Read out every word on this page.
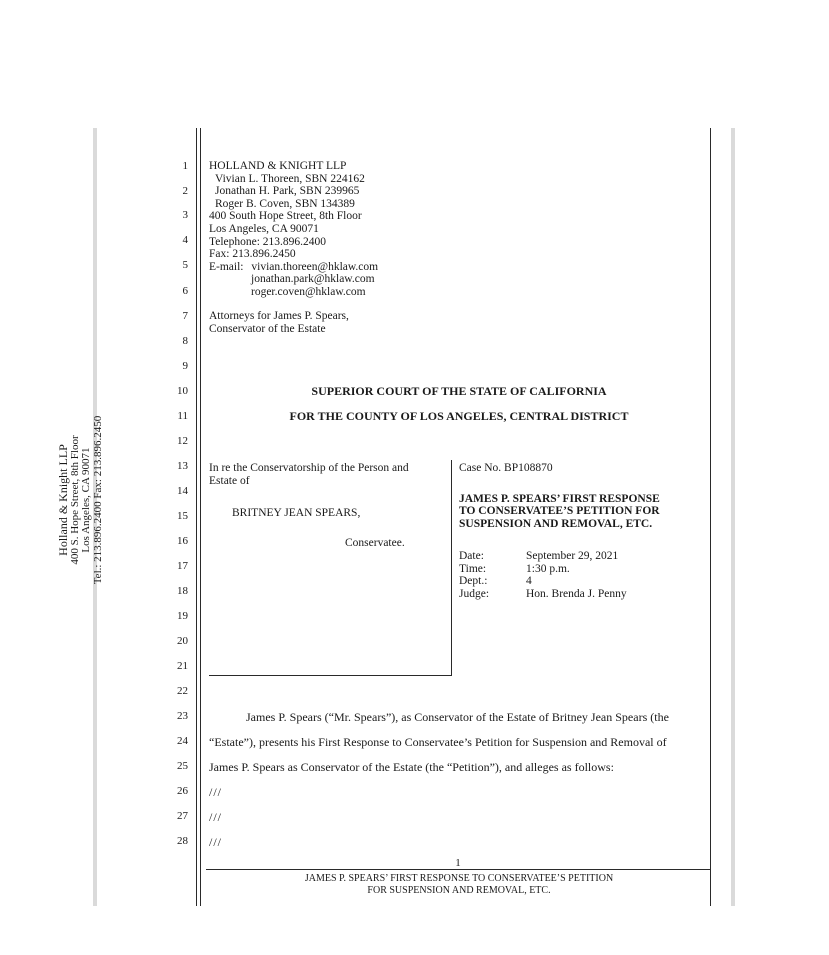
Holland & Knight LLP
400 S. Hope Street, 8th Floor Los Angeles, CA 90071 Tel.: 213.896.2400 Fax: 213.896.2450
1
2
3
4
5
6
7
8
9
10
11
12
13
14
15
16
17
18
19
20
21
22
23
24
25
26
27
28
HOLLAND & KNIGHT LLP
Vivian L. Thoreen, SBN 224162
Jonathan H. Park, SBN 239965
Roger B. Coven, SBN 134389
400 South Hope Street, 8th Floor
Los Angeles, CA 90071
Telephone: 213.896.2400
Fax: 213.896.2450
E-mail: vivian.thoreen@hklaw.com
jonathan.park@hklaw.com
roger.coven@hklaw.com
Attorneys for James P. Spears,
Conservator of the Estate
SUPERIOR COURT OF THE STATE OF CALIFORNIA
FOR THE COUNTY OF LOS ANGELES, CENTRAL DISTRICT
In re the Conservatorship of the Person and
Estate of
BRITNEY JEAN SPEARS,
Conservatee.
Case No. BP108870
JAMES P. SPEARS’ FIRST RESPONSE
TO CONSERVATEE’S PETITION FOR
SUSPENSION AND REMOVAL, ETC.
Date:	September 29, 2021
Time:	1:30 p.m.
Dept.:	4
Judge:	Hon. Brenda J. Penny
James P. Spears (“Mr. Spears”), as Conservator of the Estate of Britney Jean Spears (the
“Estate”), presents his First Response to Conservatee’s Petition for Suspension and Removal of
James P. Spears as Conservator of the Estate (the “Petition”), and alleges as follows:
///
///
///
1
JAMES P. SPEARS’ FIRST RESPONSE TO CONSERVATEE’S PETITION
FOR SUSPENSION AND REMOVAL, ETC.
